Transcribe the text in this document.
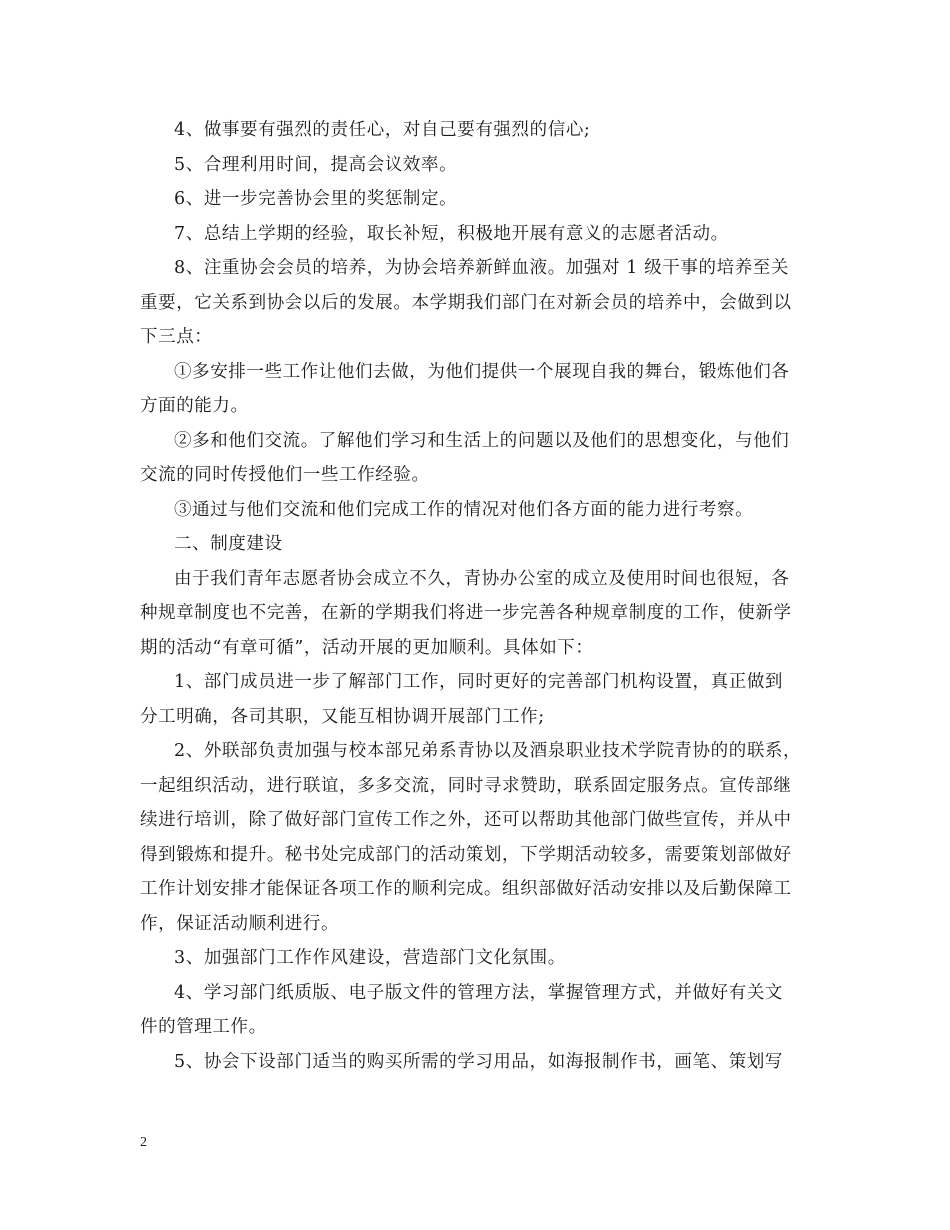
4、做事要有强烈的责任心，对自己要有强烈的信心;

5、合理利用时间，提高会议效率。

6、进一步完善协会里的奖惩制定。

7、总结上学期的经验，取长补短，积极地开展有意义的志愿者活动。

8、注重协会会员的培养，为协会培养新鲜血液。加强对 1 级干事的培养至关
重要，它关系到协会以后的发展。本学期我们部门在对新会员的培养中，会做到以
下三点：

①多安排一些工作让他们去做，为他们提供一个展现自我的舞台，锻炼他们各
方面的能力。

②多和他们交流。了解他们学习和生活上的问题以及他们的思想变化，与他们
交流的同时传授他们一些工作经验。

③通过与他们交流和他们完成工作的情况对他们各方面的能力进行考察。

二、制度建设

由于我们青年志愿者协会成立不久，青协办公室的成立及使用时间也很短，各
种规章制度也不完善，在新的学期我们将进一步完善各种规章制度的工作，使新学
期的活动“有章可循”，活动开展的更加顺利。具体如下：

1、部门成员进一步了解部门工作，同时更好的完善部门机构设置，真正做到
分工明确，各司其职，又能互相协调开展部门工作;

2、外联部负责加强与校本部兄弟系青协以及酒泉职业技术学院青协的的联系，
一起组织活动，进行联谊，多多交流，同时寻求赞助，联系固定服务点。宣传部继
续进行培训，除了做好部门宣传工作之外，还可以帮助其他部门做些宣传，并从中
得到锻炼和提升。秘书处完成部门的活动策划，下学期活动较多，需要策划部做好
工作计划安排才能保证各项工作的顺利完成。组织部做好活动安排以及后勤保障工
作，保证活动顺利进行。

3、加强部门工作作风建设，营造部门文化氛围。

4、学习部门纸质版、电子版文件的管理方法，掌握管理方式，并做好有关文
件的管理工作。

5、协会下设部门适当的购买所需的学习用品，如海报制作书，画笔、策划写

2
